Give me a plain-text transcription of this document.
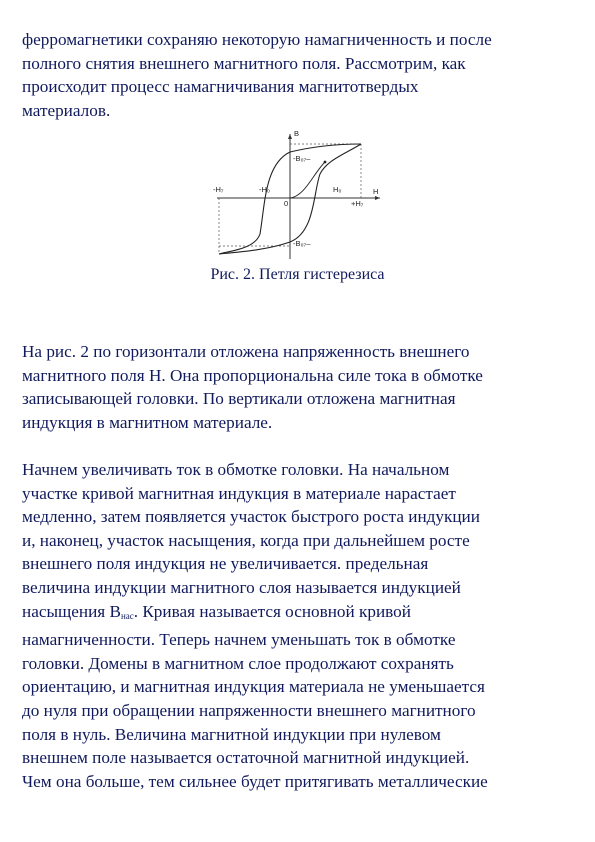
ферромагнетики сохраняю некоторую намагниченность и после
полного снятия внешнего магнитного поля. Рассмотрим, как
происходит процесс намагничивания магнитотвердых
материалов.
В
Н
-В₀₇–
-В₀₇–
-Н₀
-Н₇	Н₀
+Н₇
0
Рис. 2. Петля гистерезиса
На рис. 2 по горизонтали отложена напряженность внешнего
магнитного поля Н. Она пропорциональна силе тока в обмотке
записывающей головки. По вертикали отложена магнитная
индукция в магнитном материале.
Начнем увеличивать ток в обмотке головки. На начальном
участке кривой магнитная индукция в материале нарастает
медленно, затем появляется участок быстрого роста индукции
и, наконец, участок насыщения, когда при дальнейшем росте
внешнего поля индукция не увеличивается. предельная
величина индукции магнитного слоя называется индукцией
насыщения $В_{нас}$. Кривая называется основной кривой
намагниченности. Теперь начнем уменьшать ток в обмотке
головки. Домены в магнитном слое продолжают сохранять
ориентацию, и магнитная индукция материала не уменьшается
до нуля при обращении напряженности внешнего магнитного
поля в нуль. Величина магнитной индукции при нулевом
внешнем поле называется остаточной магнитной индукцией.
Чем она больше, тем сильнее будет притягивать металлические
